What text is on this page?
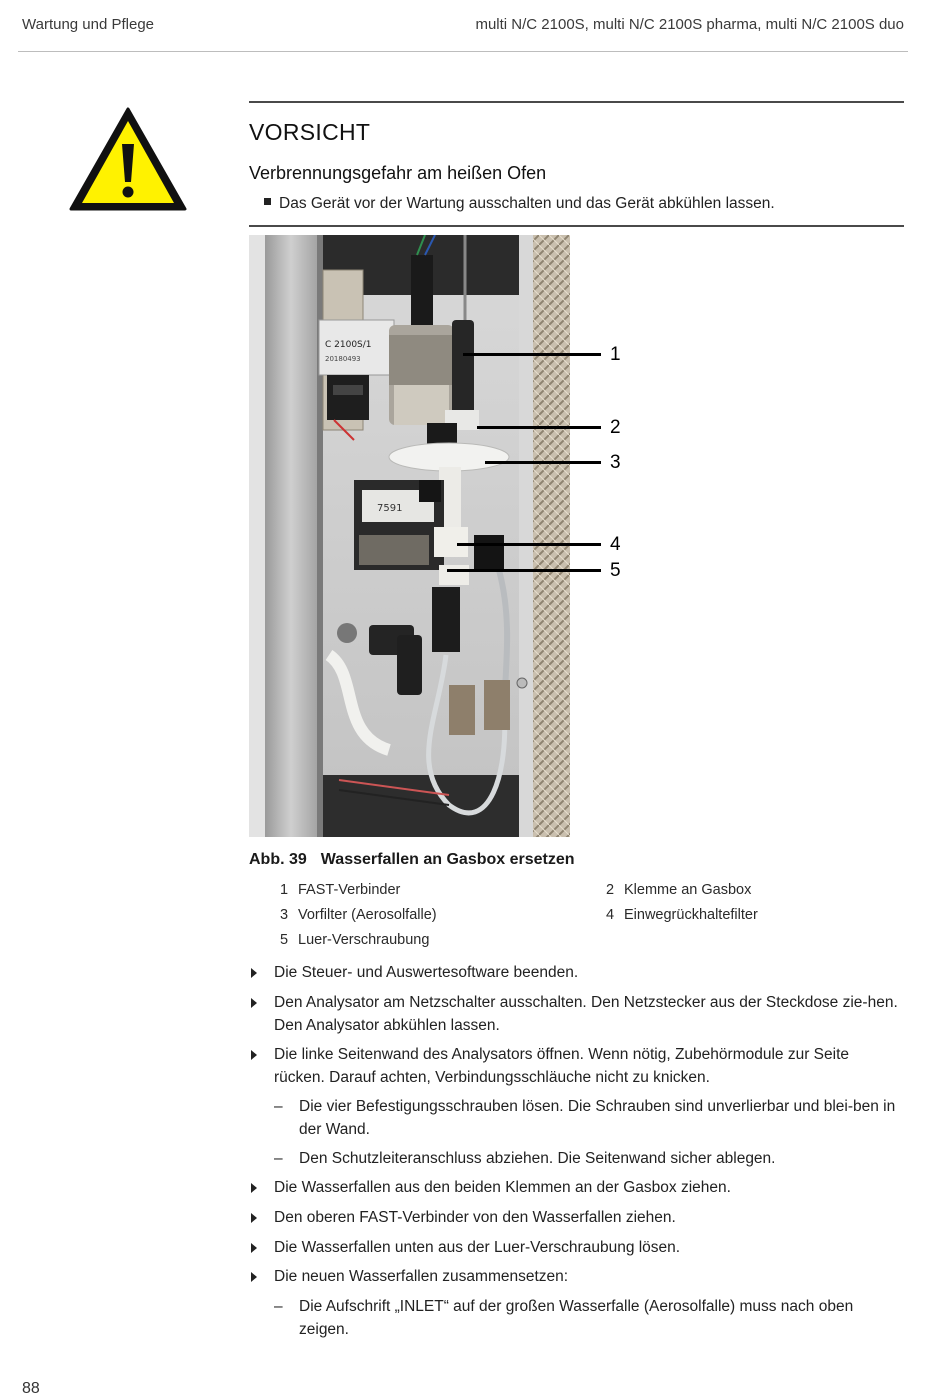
Wartung und Pflege	multi N/C 2100S, multi N/C 2100S pharma, multi N/C 2100S duo
VORSICHT
Verbrennungsgefahr am heißen Ofen
Das Gerät vor der Wartung ausschalten und das Gerät abkühlen lassen.
C 2100S/1
20180493
7591
1
2
3
4
5
Abb. 39 Wasserfallen an Gasbox ersetzen
1 FAST-Verbinder	2 Klemme an Gasbox
3 Vorfilter (Aerosolfalle)	4 Einwegrückhaltefilter
5 Luer-Verschraubung
Die Steuer- und Auswertesoftware beenden.
Den Analysator am Netzschalter ausschalten. Den Netzstecker aus der Steckdose zie-hen. Den Analysator abkühlen lassen.
Die linke Seitenwand des Analysators öffnen. Wenn nötig, Zubehörmodule zur Seite rücken. Darauf achten, Verbindungsschläuche nicht zu knicken.
– Die vier Befestigungsschrauben lösen. Die Schrauben sind unverlierbar und blei-ben in der Wand.
– Den Schutzleiteranschluss abziehen. Die Seitenwand sicher ablegen.
Die Wasserfallen aus den beiden Klemmen an der Gasbox ziehen.
Den oberen FAST-Verbinder von den Wasserfallen ziehen.
Die Wasserfallen unten aus der Luer-Verschraubung lösen.
Die neuen Wasserfallen zusammensetzen:
– Die Aufschrift „INLET“ auf der großen Wasserfalle (Aerosolfalle) muss nach oben zeigen.
88
